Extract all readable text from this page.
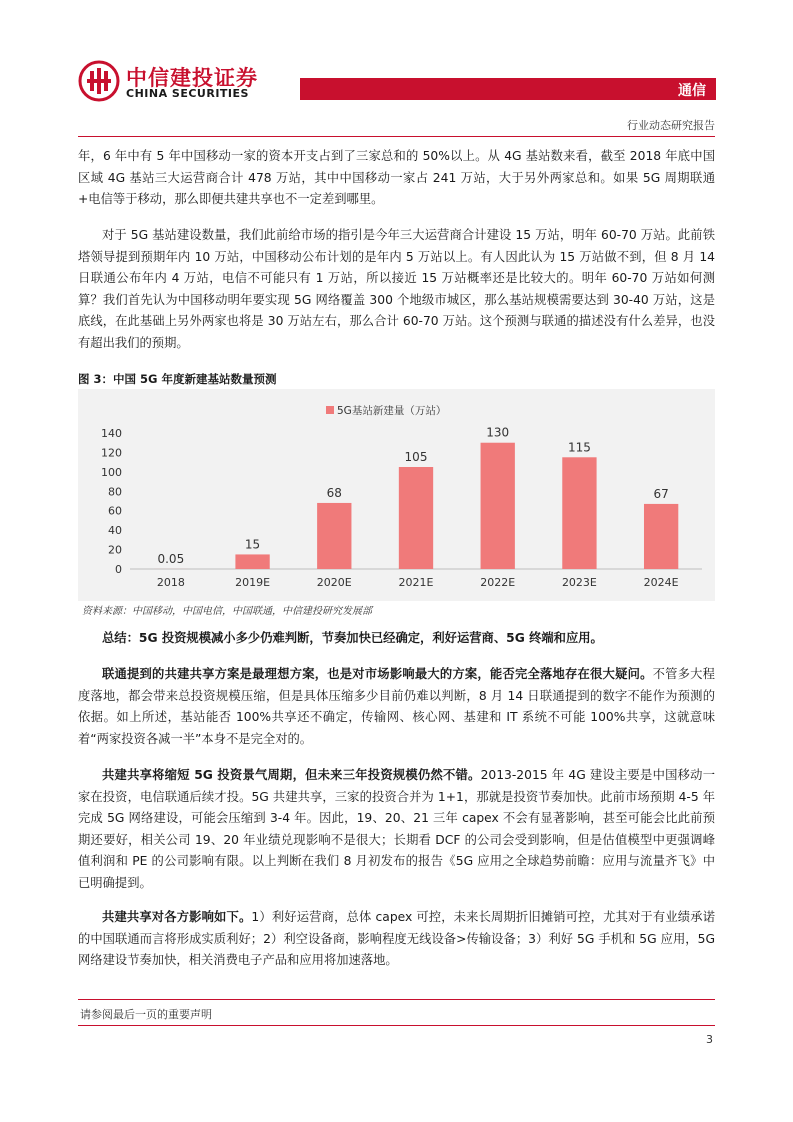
中信建投证券
CHINA SECURITIES	通信
行业动态研究报告

年，6 年中有 5 年中国移动一家的资本开支占到了三家总和的 50%以上。从 4G 基站数来看，截至 2018 年底中国区域 4G 基站三大运营商合计 478 万站，其中中国移动一家占 241 万站，大于另外两家总和。如果 5G 周期联通+电信等于移动，那么即便共建共享也不一定差到哪里。

对于 5G 基站建设数量，我们此前给市场的指引是今年三大运营商合计建设 15 万站，明年 60-70 万站。此前铁塔领导提到预期年内 10 万站，中国移动公布计划的是年内 5 万站以上。有人因此认为 15 万站做不到，但 8 月 14 日联通公布年内 4 万站，电信不可能只有 1 万站，所以接近 15 万站概率还是比较大的。明年 60-70 万站如何测算？我们首先认为中国移动明年要实现 5G 网络覆盖 300 个地级市城区，那么基站规模需要达到 30-40 万站，这是底线，在此基础上另外两家也将是 30 万站左右，那么合计 60-70 万站。这个预测与联通的描述没有什么差异，也没有超出我们的预期。

图 3：中国 5G 年度新建基站数量预测
5G基站新建量（万站）
0
20
40
60
80
100
120
140
2018	2019E	2020E	2021E	2022E	2023E	2024E
0.05
15
68
105
130
115
67
资料来源：中国移动，中国电信，中国联通，中信建投研究发展部

总结：5G 投资规模减小多少仍难判断，节奏加快已经确定，利好运营商、5G 终端和应用。

联通提到的共建共享方案是最理想方案，也是对市场影响最大的方案，能否完全落地存在很大疑问。不管多大程度落地，都会带来总投资规模压缩，但是具体压缩多少目前仍难以判断，8 月 14 日联通提到的数字不能作为预测的依据。如上所述，基站能否 100%共享还不确定，传输网、核心网、基建和 IT 系统不可能 100%共享，这就意味着“两家投资各减一半”本身不是完全对的。

共建共享将缩短 5G 投资景气周期，但未来三年投资规模仍然不错。2013-2015 年 4G 建设主要是中国移动一家在投资，电信联通后续才投。5G 共建共享，三家的投资合并为 1+1，那就是投资节奏加快。此前市场预期 4-5 年完成 5G 网络建设，可能会压缩到 3-4 年。因此，19、20、21 三年 capex 不会有显著影响，甚至可能会比此前预期还要好，相关公司 19、20 年业绩兑现影响不是很大；长期看 DCF 的公司会受到影响，但是估值模型中更强调峰值利润和 PE 的公司影响有限。以上判断在我们 8 月初发布的报告《5G 应用之全球趋势前瞻：应用与流量齐飞》中已明确提到。

共建共享对各方影响如下。1）利好运营商，总体 capex 可控，未来长周期折旧摊销可控，尤其对于有业绩承诺的中国联通而言将形成实质利好；2）利空设备商，影响程度无线设备>传输设备；3）利好 5G 手机和 5G 应用，5G 网络建设节奏加快，相关消费电子产品和应用将加速落地。

请参阅最后一页的重要声明
3
